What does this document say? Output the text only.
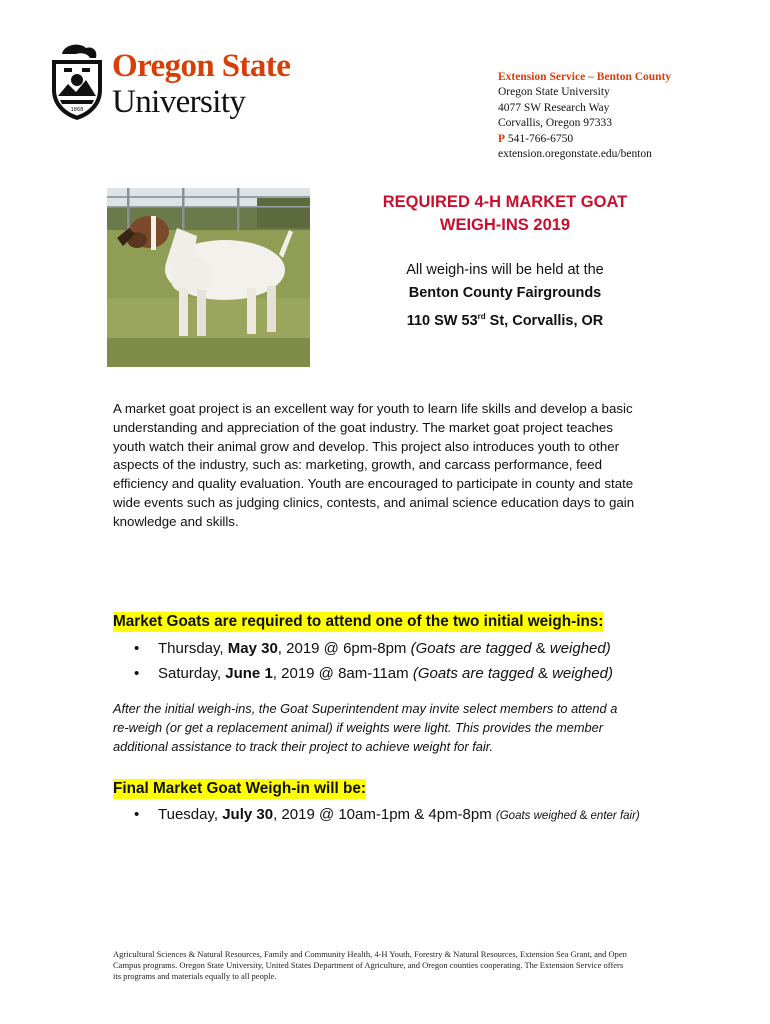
1868
Oregon State
University
Extension Service – Benton County
Oregon State University
4077 SW Research Way
Corvallis, Oregon 97333
P 541-766-6750
extension.oregonstate.edu/benton
REQUIRED 4-H MARKET GOAT
WEIGH-INS 2019
All weigh-ins will be held at the
Benton County Fairgrounds
110 SW 53rd St, Corvallis, OR
A market goat project is an excellent way for youth to learn life skills and develop a basic
understanding and appreciation of the goat industry. The market goat project teaches
youth watch their animal grow and develop. This project also introduces youth to other
aspects of the industry, such as: marketing, growth, and carcass performance, feed
efficiency and quality evaluation. Youth are encouraged to participate in county and state
wide events such as judging clinics, contests, and animal science education days to gain
knowledge and skills.
Market Goats are required to attend one of the two initial weigh-ins:
• Thursday, May 30, 2019 @ 6pm-8pm (Goats are tagged & weighed)
• Saturday, June 1, 2019 @ 8am-11am (Goats are tagged & weighed)
After the initial weigh-ins, the Goat Superintendent may invite select members to attend a
re-weigh (or get a replacement animal) if weights were light. This provides the member
additional assistance to track their project to achieve weight for fair.
Final Market Goat Weigh-in will be:
• Tuesday, July 30, 2019 @ 10am-1pm & 4pm-8pm (Goats weighed & enter fair)
Agricultural Sciences & Natural Resources, Family and Community Health, 4-H Youth, Forestry & Natural Resources, Extension Sea Grant, and Open
Campus programs. Oregon State University, United States Department of Agriculture, and Oregon counties cooperating. The Extension Service offers
its programs and materials equally to all people.
